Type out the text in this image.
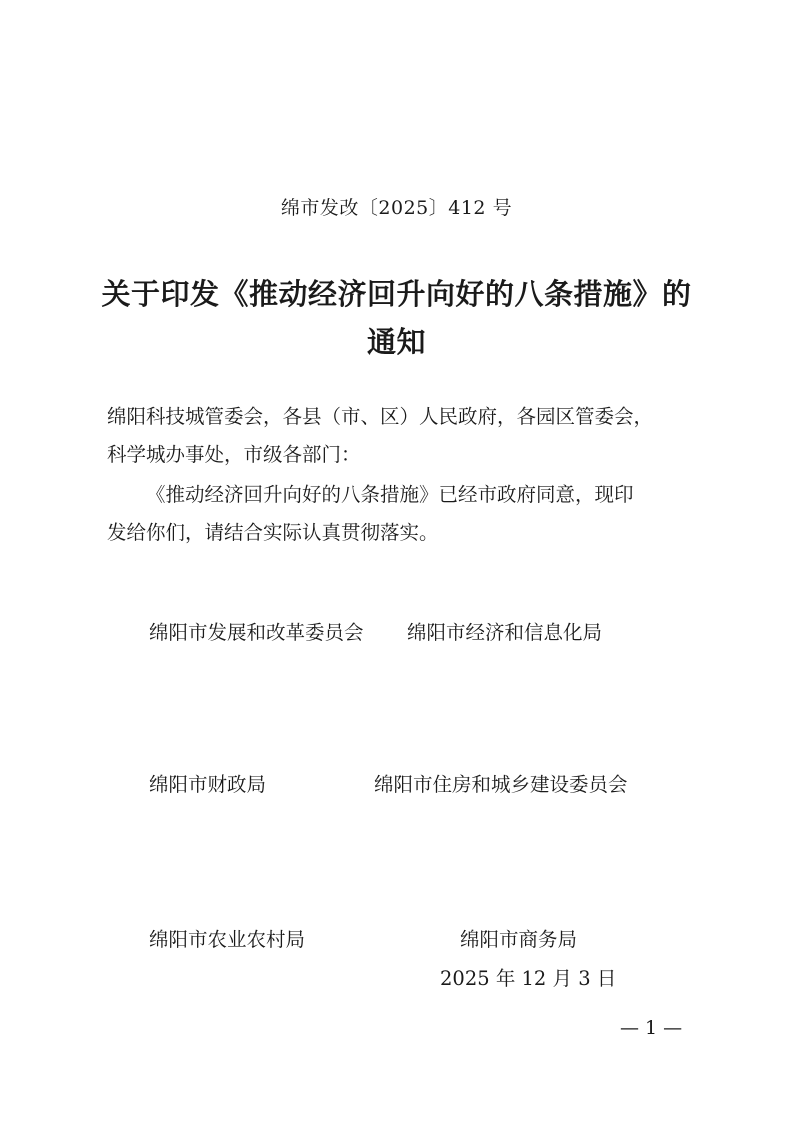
绵市发改〔2025〕412 号
关于印发《推动经济回升向好的八条措施》的
通知
绵阳科技城管委会，各县（市、区）人民政府，各园区管委会，
科学城办事处，市级各部门：
《推动经济回升向好的八条措施》已经市政府同意，现印
发给你们，请结合实际认真贯彻落实。
绵阳市发展和改革委员会 绵阳市经济和信息化局
绵阳市财政局	绵阳市住房和城乡建设委员会
绵阳市农业农村局	绵阳市商务局
2025 年 12 月 3 日
— 1 —
